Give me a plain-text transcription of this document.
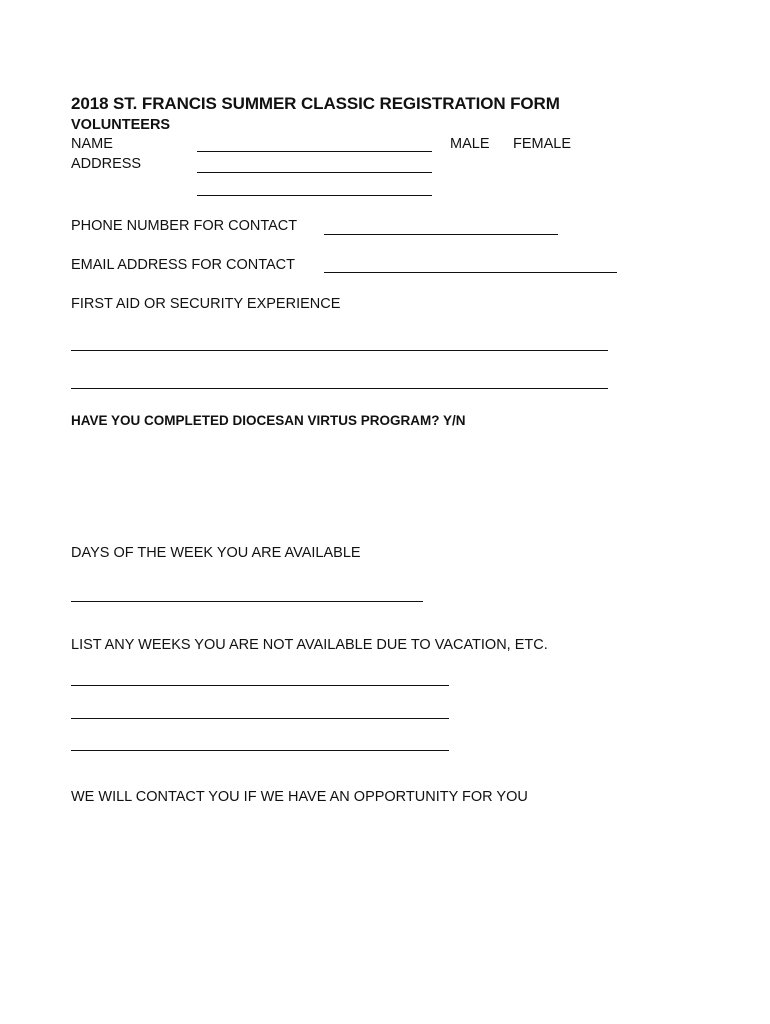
2018 ST. FRANCIS SUMMER CLASSIC REGISTRATION FORM
VOLUNTEERS
NAME	MALE FEMALE
ADDRESS
PHONE NUMBER FOR CONTACT
EMAIL ADDRESS FOR CONTACT
FIRST AID OR SECURITY EXPERIENCE
HAVE YOU COMPLETED DIOCESAN VIRTUS PROGRAM? Y/N
DAYS OF THE WEEK YOU ARE AVAILABLE
LIST ANY WEEKS YOU ARE NOT AVAILABLE DUE TO VACATION, ETC.
WE WILL CONTACT YOU IF WE HAVE AN OPPORTUNITY FOR YOU
